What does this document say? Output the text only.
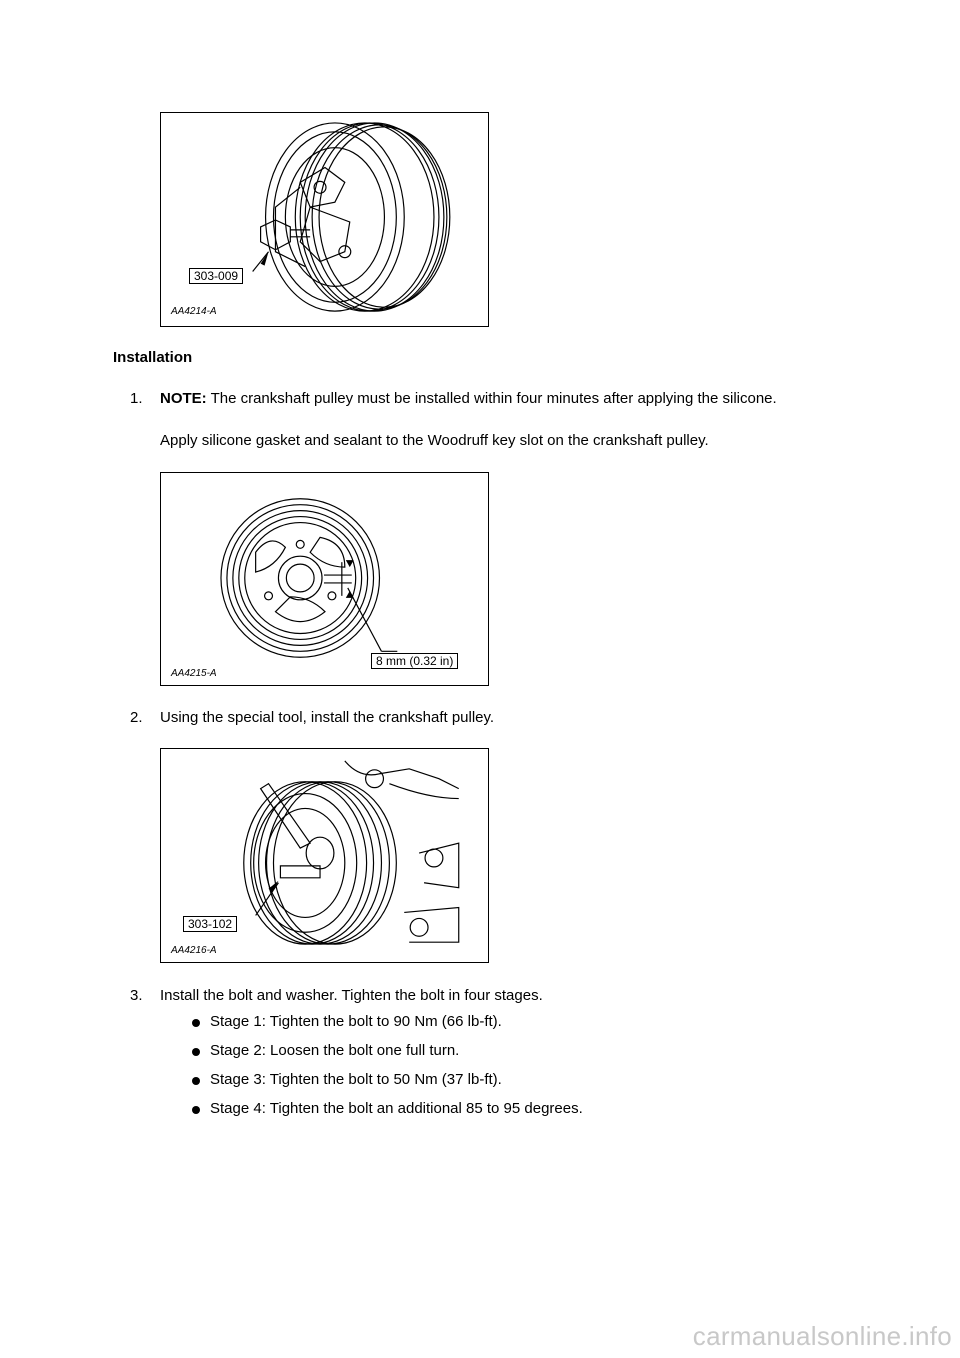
303-009
AA4214-A
Installation
1. NOTE: The crankshaft pulley must be installed within four minutes after applying the silicone.
Apply silicone gasket and sealant to the Woodruff key slot on the crankshaft pulley.
8 mm (0.32 in)
AA4215-A
2. Using the special tool, install the crankshaft pulley.
303-102
AA4216-A
3. Install the bolt and washer. Tighten the bolt in four stages.
Stage 1: Tighten the bolt to 90 Nm (66 lb-ft).
Stage 2: Loosen the bolt one full turn.
Stage 3: Tighten the bolt to 50 Nm (37 lb-ft).
Stage 4: Tighten the bolt an additional 85 to 95 degrees.
carmanualsonline.info
